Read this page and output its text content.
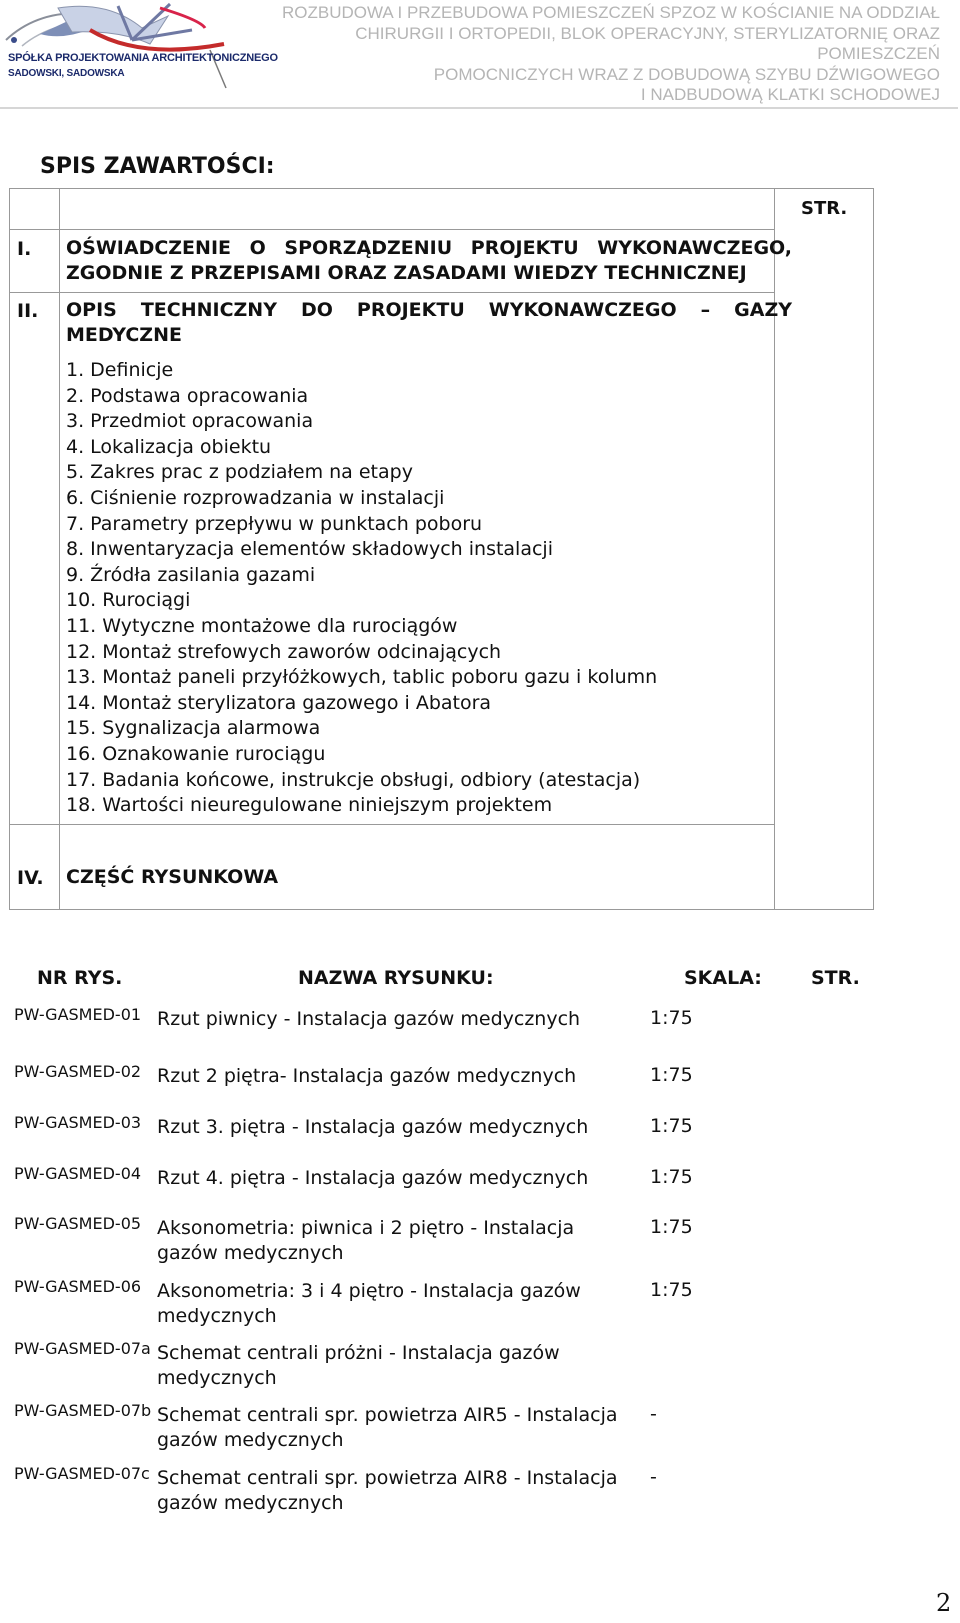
SPÓŁKA PROJEKTOWANIA ARCHITEKTONICZNEGO
SADOWSKI, SADOWSKA
ROZBUDOWA I PRZEBUDOWA POMIESZCZEŃ SPZOZ W KOŚCIANIE NA ODDZIAŁ
CHIRURGII I ORTOPEDII, BLOK OPERACYJNY, STERYLIZATORNIĘ ORAZ POMIESZCZEŃ
POMOCNICZYCH WRAZ Z DOBUDOWĄ SZYBU DŹWIGOWEGO
I NADBUDOWĄ KLATKI SCHODOWEJ
SPIS ZAWARTOŚCI:
STR.
I. OŚWIADCZENIE O SPORZĄDZENIU PROJEKTU WYKONAWCZEGO,
ZGODNIE Z PRZEPISAMI ORAZ ZASADAMI WIEDZY TECHNICZNEJ
II. OPIS TECHNICZNY DO PROJEKTU WYKONAWCZEGO – GAZY
MEDYCZNE
1. Definicje
2. Podstawa opracowania
3. Przedmiot opracowania
4. Lokalizacja obiektu
5. Zakres prac z podziałem na etapy
6. Ciśnienie rozprowadzania w instalacji
7. Parametry przepływu w punktach poboru
8. Inwentaryzacja elementów składowych instalacji
9. Źródła zasilania gazami
10. Rurociągi
11. Wytyczne montażowe dla rurociągów
12. Montaż strefowych zaworów odcinających
13. Montaż paneli przyłóżkowych, tablic poboru gazu i kolumn
14. Montaż sterylizatora gazowego i Abatora
15. Sygnalizacja alarmowa
16. Oznakowanie rurociągu
17. Badania końcowe, instrukcje obsługi, odbiory (atestacja)
18. Wartości nieuregulowane niniejszym projektem
IV. CZĘŚĆ RYSUNKOWA
NR RYS.	NAZWA RYSUNKU:	SKALA:	STR.
PW-GASMED-01 Rzut piwnicy - Instalacja gazów medycznych	1:75
PW-GASMED-02 Rzut 2 piętra- Instalacja gazów medycznych	1:75
PW-GASMED-03 Rzut 3. piętra - Instalacja gazów medycznych	1:75
PW-GASMED-04 Rzut 4. piętra - Instalacja gazów medycznych	1:75
PW-GASMED-05 Aksonometria: piwnica i 2 piętro - Instalacja gazów medycznych
1:75
PW-GASMED-06 Aksonometria: 3 i 4 piętro - Instalacja gazów medycznych
1:75
PW-GASMED-07a Schemat centrali próżni - Instalacja gazów medycznych
PW-GASMED-07b Schemat centrali spr. powietrza AIR5 - Instalacja gazów medycznych
-
PW-GASMED-07c Schemat centrali spr. powietrza AIR8 - Instalacja gazów medycznych
-
2
